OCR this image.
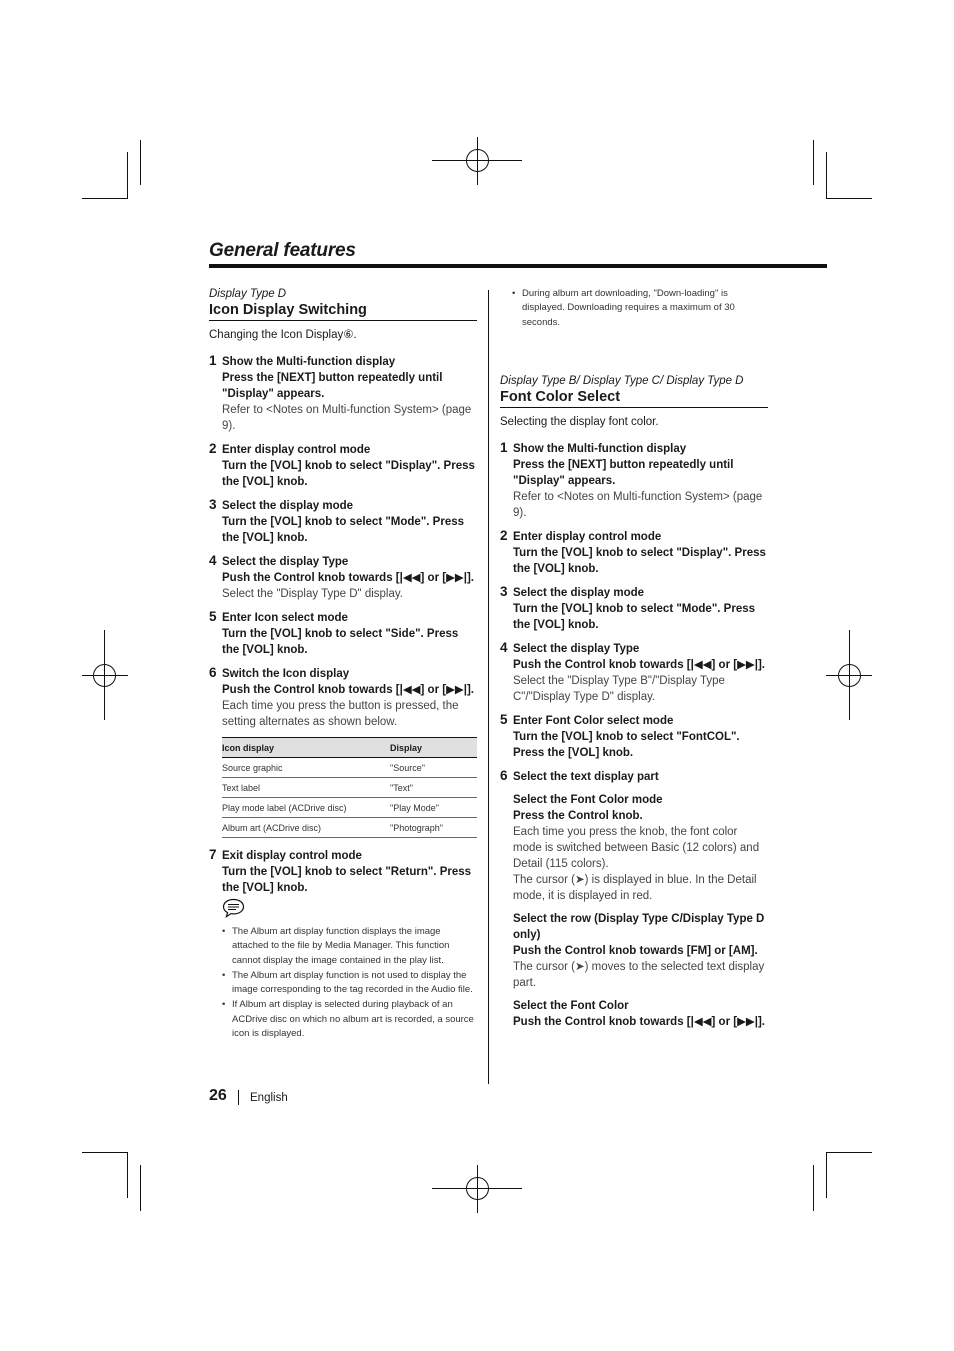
General features
Display Type D
Icon Display Switching
Changing the Icon Display⑥.
1 Show the Multi-function display
Press the [NEXT] button repeatedly until "Display" appears.
Refer to <Notes on Multi-function System> (page 9).
2 Enter display control mode
Turn the [VOL] knob to select "Display". Press the [VOL] knob.
3 Select the display mode
Turn the [VOL] knob to select "Mode". Press the [VOL] knob.
4 Select the display Type
Push the Control knob towards [|◀◀] or [▶▶|].
Select the "Display Type D" display.
5 Enter Icon select mode
Turn the [VOL] knob to select "Side". Press the [VOL] knob.
6 Switch the Icon display
Push the Control knob towards [|◀◀] or [▶▶|].
Each time you press the button is pressed, the setting alternates as shown below.
Icon display	Display
Source graphic	"Source"
Text label	"Text"
Play mode label (ACDrive disc)	"Play Mode"
Album art (ACDrive disc)	"Photograph"
7 Exit display control mode
Turn the [VOL] knob to select "Return". Press the [VOL] knob.
• The Album art display function displays the image attached to the file by Media Manager. This function cannot display the image contained in the play list.
• The Album art display function is not used to display the image corresponding to the tag recorded in the Audio file.
• If Album art display is selected during playback of an ACDrive disc on which no album art is recorded, a source icon is displayed.
• During album art downloading, "Down-loading" is displayed. Downloading requires a maximum of 30 seconds.
Display Type B/ Display Type C/ Display Type D
Font Color Select
Selecting the display font color.
1 Show the Multi-function display
Press the [NEXT] button repeatedly until "Display" appears.
Refer to <Notes on Multi-function System> (page 9).
2 Enter display control mode
Turn the [VOL] knob to select "Display". Press the [VOL] knob.
3 Select the display mode
Turn the [VOL] knob to select "Mode". Press the [VOL] knob.
4 Select the display Type
Push the Control knob towards [|◀◀] or [▶▶|].
Select the "Display Type B"/"Display Type C"/"Display Type D" display.
5 Enter Font Color select mode
Turn the [VOL] knob to select "FontCOL". Press the [VOL] knob.
6 Select the text display part
Select the Font Color mode
Press the Control knob.
Each time you press the knob, the font color mode is switched between Basic (12 colors) and Detail (115 colors).
The cursor (➤) is displayed in blue. In the Detail mode, it is displayed in red.
Select the row (Display Type C/Display Type D only)
Push the Control knob towards [FM] or [AM].
The cursor (➤) moves to the selected text display part.
Select the Font Color
Push the Control knob towards [|◀◀] or [▶▶|].
26 English
